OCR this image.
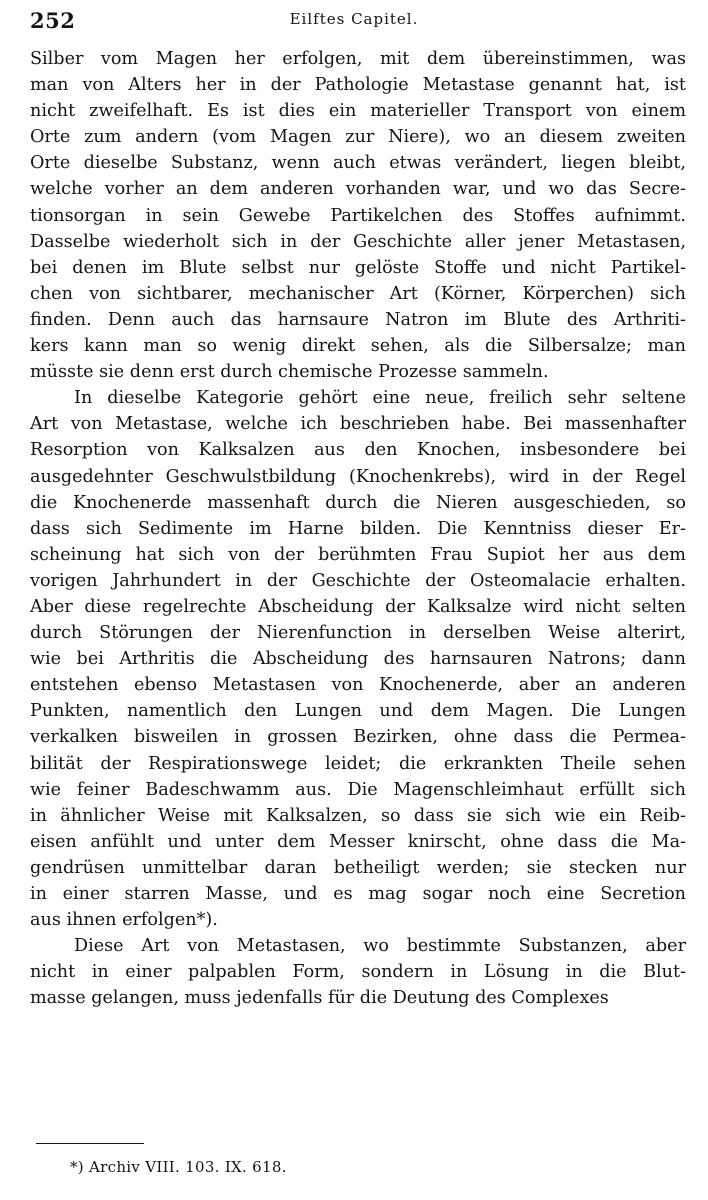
252	Eilftes Capitel.
Silber vom Magen her erfolgen, mit dem übereinstimmen, was
man von Alters her in der Pathologie Metastase genannt hat, ist
nicht zweifelhaft. Es ist dies ein materieller Transport von einem
Orte zum andern (vom Magen zur Niere), wo an diesem zweiten
Orte dieselbe Substanz, wenn auch etwas verändert, liegen bleibt,
welche vorher an dem anderen vorhanden war, und wo das Secre-
tionsorgan in sein Gewebe Partikelchen des Stoffes aufnimmt.
Dasselbe wiederholt sich in der Geschichte aller jener Metastasen,
bei denen im Blute selbst nur gelöste Stoffe und nicht Partikel-
chen von sichtbarer, mechanischer Art (Körner, Körperchen) sich
finden. Denn auch das harnsaure Natron im Blute des Arthriti-
kers kann man so wenig direkt sehen, als die Silbersalze; man
müsste sie denn erst durch chemische Prozesse sammeln.
In dieselbe Kategorie gehört eine neue, freilich sehr seltene
Art von Metastase, welche ich beschrieben habe. Bei massenhafter
Resorption von Kalksalzen aus den Knochen, insbesondere bei
ausgedehnter Geschwulstbildung (Knochenkrebs), wird in der Regel
die Knochenerde massenhaft durch die Nieren ausgeschieden, so
dass sich Sedimente im Harne bilden. Die Kenntniss dieser Er-
scheinung hat sich von der berühmten Frau Supiot her aus dem
vorigen Jahrhundert in der Geschichte der Osteomalacie erhalten.
Aber diese regelrechte Abscheidung der Kalksalze wird nicht selten
durch Störungen der Nierenfunction in derselben Weise alterirt,
wie bei Arthritis die Abscheidung des harnsauren Natrons; dann
entstehen ebenso Metastasen von Knochenerde, aber an anderen
Punkten, namentlich den Lungen und dem Magen. Die Lungen
verkalken bisweilen in grossen Bezirken, ohne dass die Permea-
bilität der Respirationswege leidet; die erkrankten Theile sehen
wie feiner Badeschwamm aus. Die Magenschleimhaut erfüllt sich
in ähnlicher Weise mit Kalksalzen, so dass sie sich wie ein Reib-
eisen anfühlt und unter dem Messer knirscht, ohne dass die Ma-
gendrüsen unmittelbar daran betheiligt werden; sie stecken nur
in einer starren Masse, und es mag sogar noch eine Secretion
aus ihnen erfolgen*).
Diese Art von Metastasen, wo bestimmte Substanzen, aber
nicht in einer palpablen Form, sondern in Lösung in die Blut-
masse gelangen, muss jedenfalls für die Deutung des Complexes
*) Archiv VIII. 103. IX. 618.
